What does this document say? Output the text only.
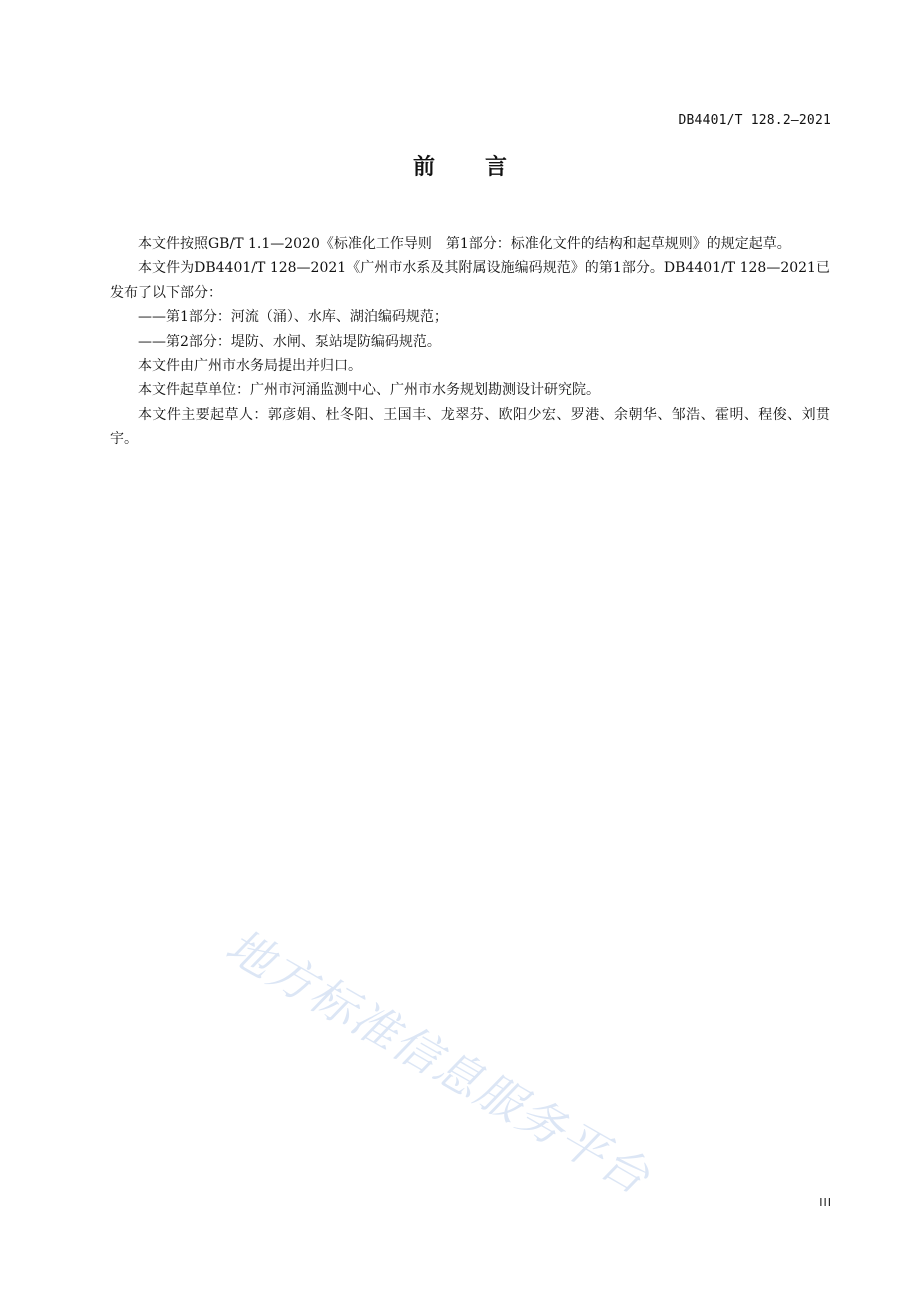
DB4401/T 128.2—2021
前言

本文件按照GB/T 1.1—2020《标准化工作导则　第1部分：标准化文件的结构和起草规则》的规定起草。

本文件为DB4401/T 128—2021《广州市水系及其附属设施编码规范》的第1部分。DB4401/T 128—2021已发布了以下部分：

——第1部分：河流（涌）、水库、湖泊编码规范；

——第2部分：堤防、水闸、泵站堤防编码规范。

本文件由广州市水务局提出并归口。

本文件起草单位：广州市河涌监测中心、广州市水务规划勘测设计研究院。

本文件主要起草人：郭彦娟、杜冬阳、王国丰、龙翠芬、欧阳少宏、罗港、余朝华、邹浩、霍明、程俊、刘贯宇。

地方标准信息服务平台	III
